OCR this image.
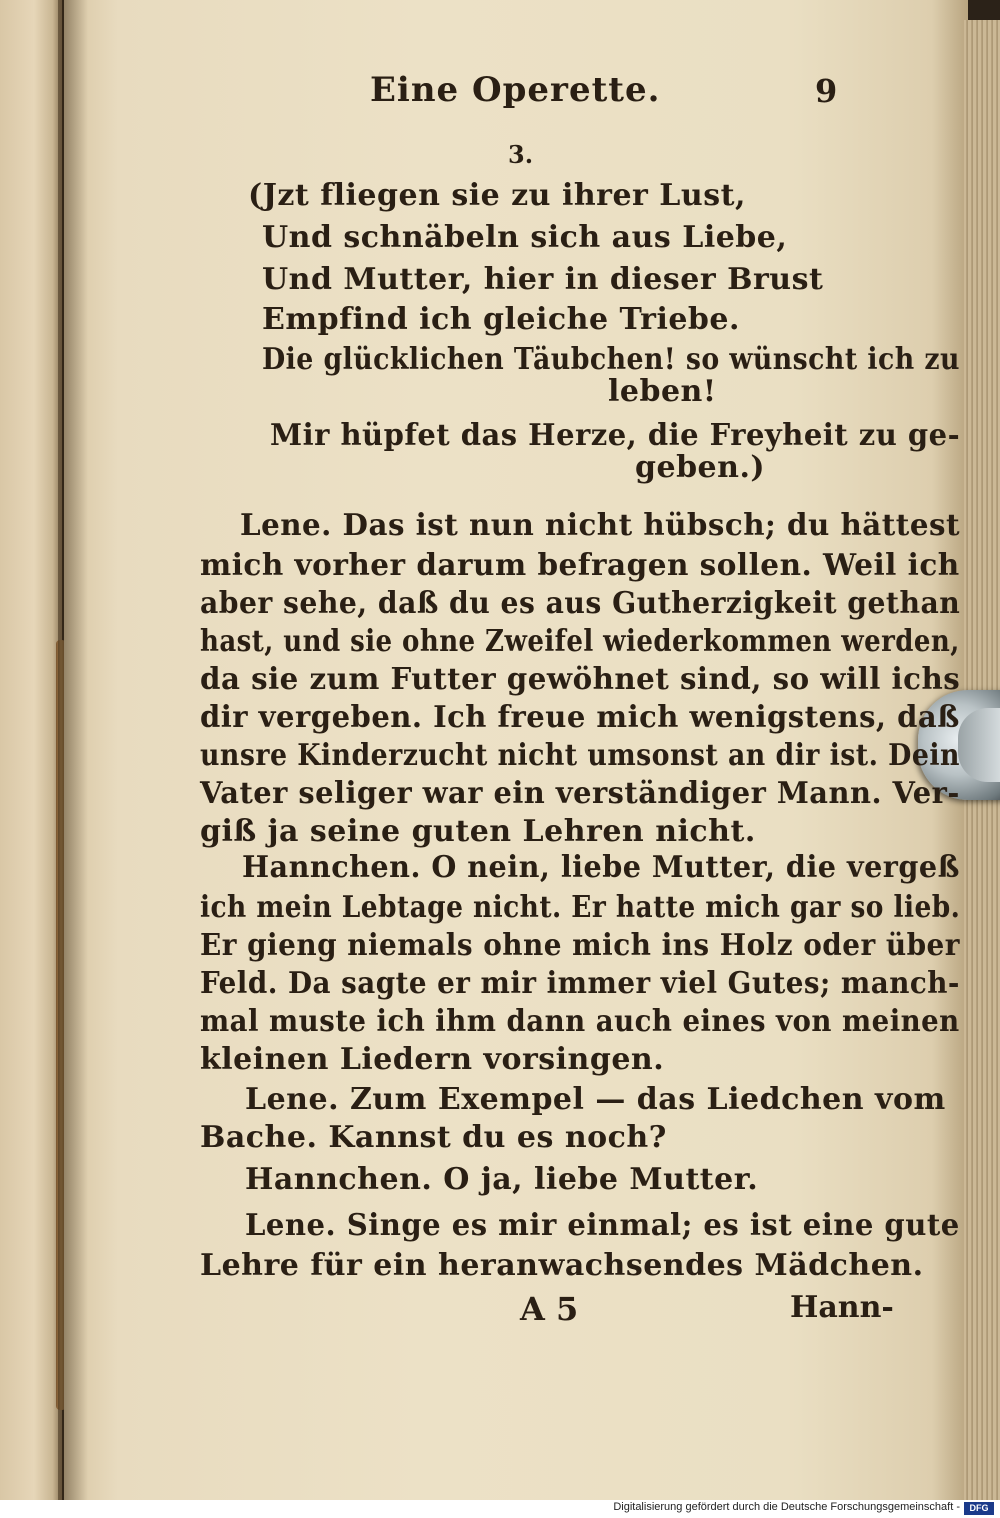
Eine Operette.	9
3.
(Jzt fliegen sie zu ihrer Lust,
Und schnäbeln sich aus Liebe,
Und Mutter, hier in dieser Brust
Empfind ich gleiche Triebe.
Die glücklichen Täubchen! so wünscht ich zu
leben!
Mir hüpfet das Herze, die Freyheit zu ge-
geben.)
Lene. Das ist nun nicht hübsch; du hättest
mich vorher darum befragen sollen. Weil ich
aber sehe, daß du es aus Gutherzigkeit gethan
hast, und sie ohne Zweifel wiederkommen werden,
da sie zum Futter gewöhnet sind, so will ichs
dir vergeben. Ich freue mich wenigstens, daß
unsre Kinderzucht nicht umsonst an dir ist. Dein
Vater seliger war ein verständiger Mann. Ver-
giß ja seine guten Lehren nicht.
Hannchen. O nein, liebe Mutter, die vergeß
ich mein Lebtage nicht. Er hatte mich gar so lieb.
Er gieng niemals ohne mich ins Holz oder über
Feld. Da sagte er mir immer viel Gutes; manch-
mal muste ich ihm dann auch eines von meinen
kleinen Liedern vorsingen.
Lene. Zum Exempel — das Liedchen vom
Bache. Kannst du es noch?
Hannchen. O ja, liebe Mutter.
Lene. Singe es mir einmal; es ist eine gute
Lehre für ein heranwachsendes Mädchen.
A 5	Hann-
Digitalisierung gefördert durch die Deutsche Forschungsgemeinschaft -	DFG
